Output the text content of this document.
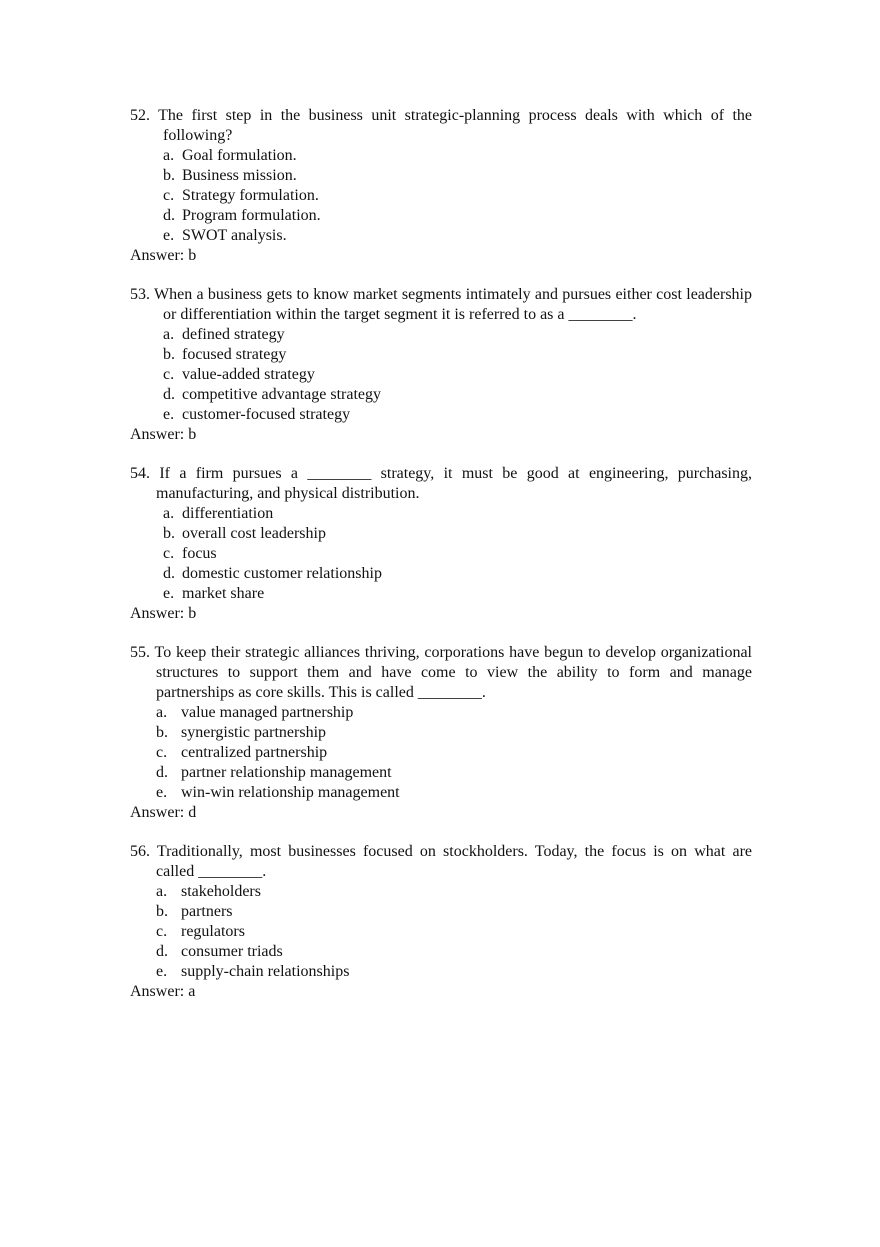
52. The first step in the business unit strategic-planning process deals with which of the following?
a. Goal formulation.
b. Business mission.
c. Strategy formulation.
d. Program formulation.
e. SWOT analysis.
Answer: b
53. When a business gets to know market segments intimately and pursues either cost leadership or differentiation within the target segment it is referred to as a ________.
a. defined strategy
b. focused strategy
c. value-added strategy
d. competitive advantage strategy
e. customer-focused strategy
Answer: b
54. If a firm pursues a ________ strategy, it must be good at engineering, purchasing, manufacturing, and physical distribution.
a. differentiation
b. overall cost leadership
c. focus
d. domestic customer relationship
e. market share
Answer: b
55. To keep their strategic alliances thriving, corporations have begun to develop organizational structures to support them and have come to view the ability to form and manage partnerships as core skills. This is called ________.
a. value managed partnership
b. synergistic partnership
c. centralized partnership
d. partner relationship management
e. win-win relationship management
Answer: d
56. Traditionally, most businesses focused on stockholders. Today, the focus is on what are called ________.
a. stakeholders
b. partners
c. regulators
d. consumer triads
e. supply-chain relationships
Answer: a
